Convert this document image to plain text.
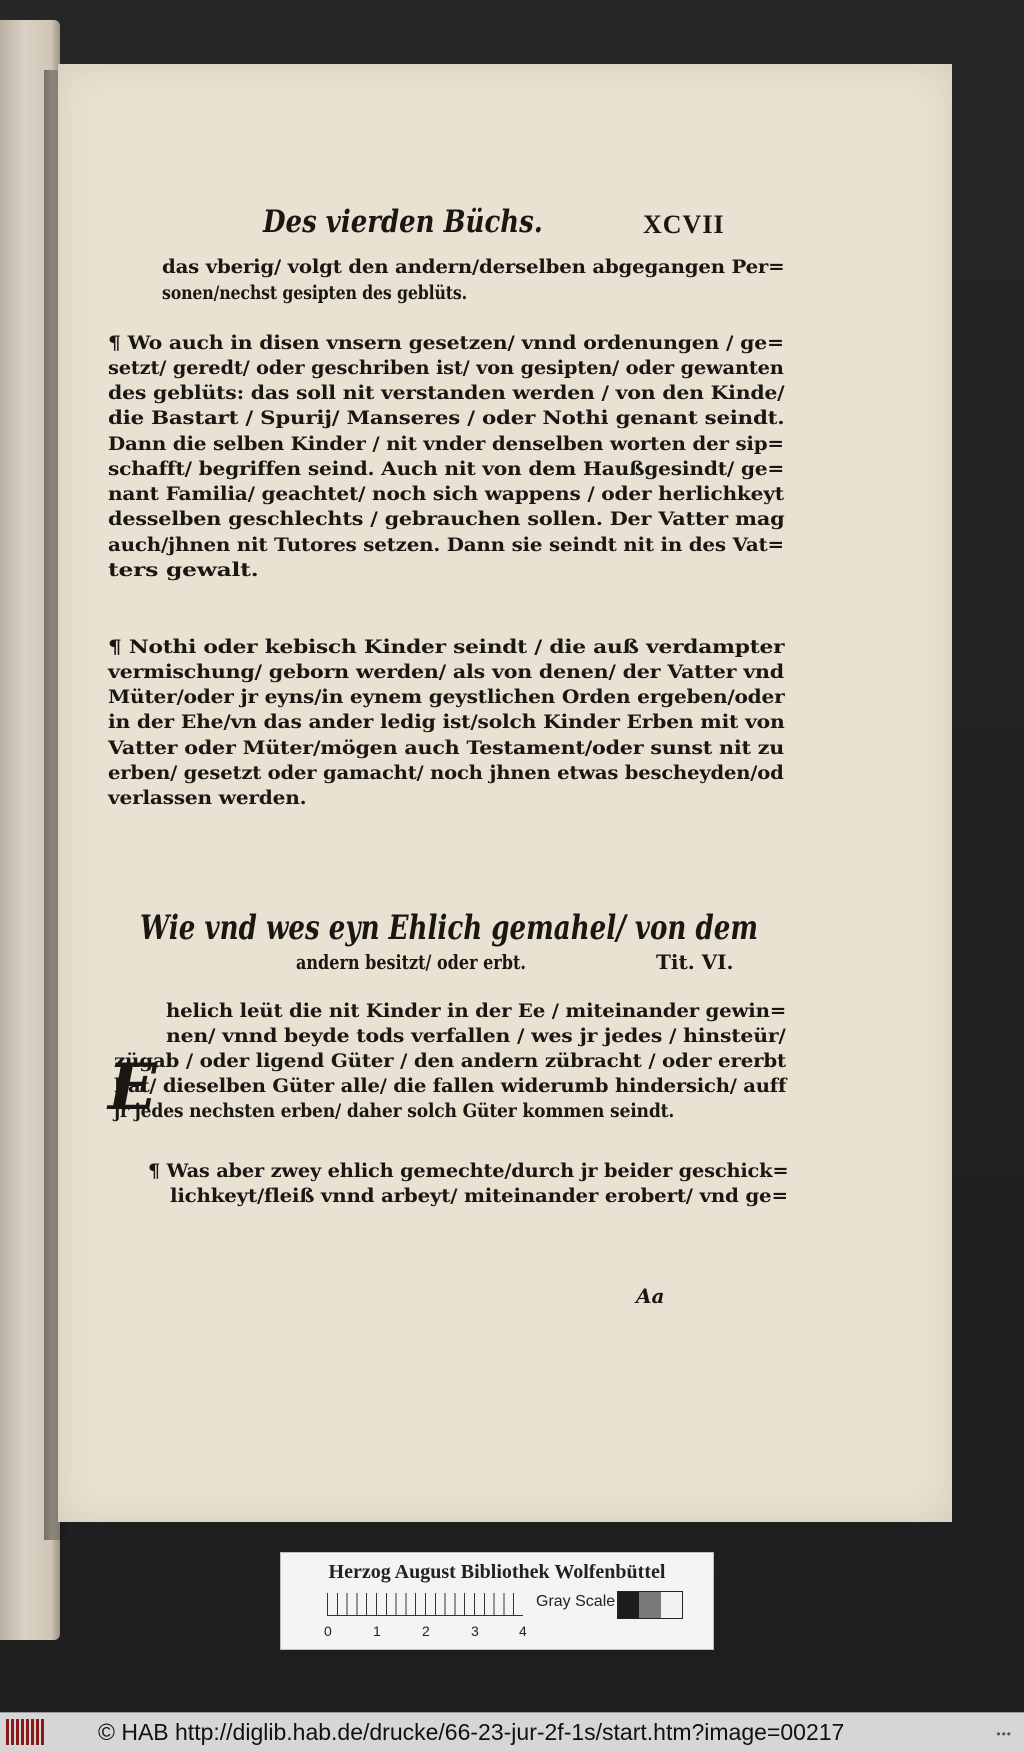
Des vierden Büchs.	XCVII
das vberig/ volgt den andern/derselben abgegangen Per=
sonen/nechst gesipten des geblüts.
¶ Wo auch in disen vnsern gesetzen/ vnnd ordenungen / ge=
setzt/ geredt/ oder geschriben ist/ von gesipten/ oder gewanten
des geblüts: das soll nit verstanden werden / von den Kinde/
die Bastart / Spurij/ Manseres / oder Nothi genant seindt.
Dann die selben Kinder / nit vnder denselben worten der sip=
schafft/ begriffen seind. Auch nit von dem Haußgesindt/ ge=
nant Familia/ geachtet/ noch sich wappens / oder herlichkeyt
desselben geschlechts / gebrauchen sollen. Der Vatter mag
auch/jhnen nit Tutores setzen. Dann sie seindt nit in des Vat=
ters gewalt.
¶ Nothi oder kebisch Kinder seindt / die auß verdampter
vermischung/ geborn werden/ als von denen/ der Vatter vnd
Müter/oder jr eyns/in eynem geystlichen Orden ergeben/oder
in der Ehe/vn das ander ledig ist/solch Kinder Erben mit von
Vatter oder Müter/mögen auch Testament/oder sunst nit zu
erben/ gesetzt oder gamacht/ noch jhnen etwas bescheyden/od
verlassen werden.
Wie vnd wes eyn Ehlich gemahel/ von dem
andern besitzt/ oder erbt.	Tit. VI.
E
helich leüt die nit Kinder in der Ee / miteinander gewin=
nen/ vnnd beyde tods verfallen / wes jr jedes / hinsteür/
zügab / oder ligend Güter / den andern zübracht / oder ererbt
hat/ dieselben Güter alle/ die fallen widerumb hindersich/ auff
jr jedes nechsten erben/ daher solch Güter kommen seindt.
¶ Was aber zwey ehlich gemechte/durch jr beider geschick=
lichkeyt/fleiß vnnd arbeyt/ miteinander erobert/ vnd ge=
Aa
Herzog August Bibliothek Wolfenbüttel
0	1	2	3	4
Gray Scale
© HAB http://diglib.hab.de/drucke/66-23-jur-2f-1s/start.htm?image=00217	•••
